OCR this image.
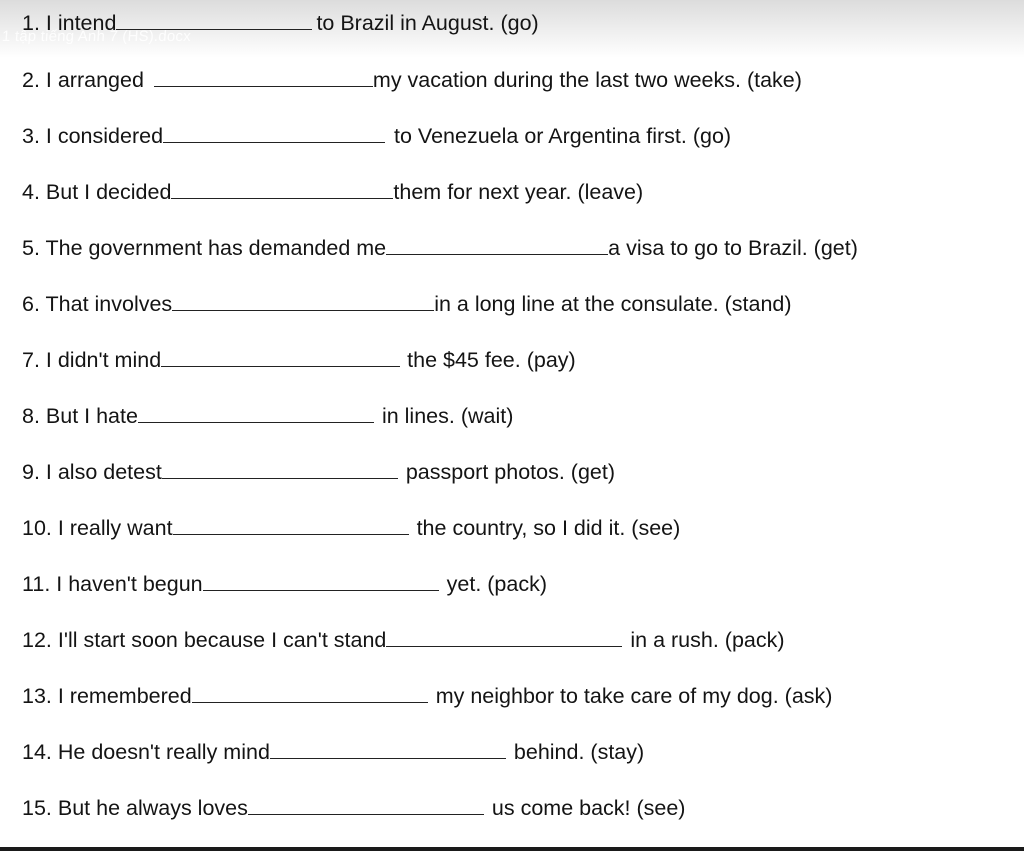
1 tập tiếng Anh 7 (HS).docx
1. I intend	to Brazil in August. (go)
2. I arranged	my vacation during the last two weeks. (take)
3. I considered	to Venezuela or Argentina first. (go)
4. But I decided	them for next year. (leave)
5. The government has demanded me	a visa to go to Brazil. (get)
6. That involves	in a long line at the consulate. (stand)
7. I didn't mind	the $45 fee. (pay)
8. But I hate	in lines. (wait)
9. I also detest	passport photos. (get)
10. I really want	the country, so I did it. (see)
11. I haven't begun	yet. (pack)
12. I'll start soon because I can't stand	in a rush. (pack)
13. I remembered	my neighbor to take care of my dog. (ask)
14. He doesn't really mind	behind. (stay)
15. But he always loves	us come back! (see)
